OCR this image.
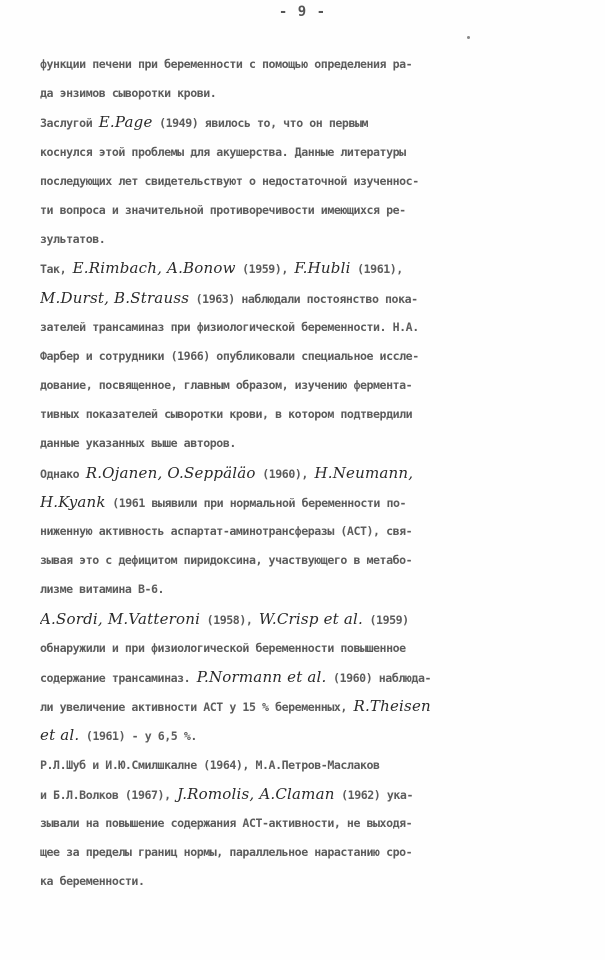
- 9 -
функции печени при беременности с помощью определения ра-
да энзимов сыворотки крови.
Заслугой E.Page (1949) явилось то, что он первым
коснулся этой проблемы для акушерства. Данные литературы
последующих лет свидетельствуют о недостаточной изученнос-
ти вопроса и значительной противоречивости имеющихся ре-
зультатов.
Так, E.Rimbach, A.Bonow (1959), F.Hubli (1961),
M.Durst, B.Strauss (1963) наблюдали постоянство пока-
зателей трансаминаз при физиологической беременности. Н.А.
Фарбер и сотрудники (1966) опубликовали специальное иссле-
дование, посвященное, главным образом, изучению фермента-
тивных показателей сыворотки крови, в котором подтвердили
данные указанных выше авторов.
Однако R.Ojanen, O.Seppäläo (1960), H.Neumann,
H.Kyank (1961 выявили при нормальной беременности по-
ниженную активность аспартат-аминотрансферазы (АСТ), свя-
зывая это с дефицитом пиридоксина, участвующего в метабо-
лизме витамина В-6.
A.Sordi, M.Vatteroni (1958), W.Crisp et al. (1959)
обнаружили и при физиологической беременности повышенное
содержание трансаминаз. P.Normann et al. (1960) наблюда-
ли увеличение активности АСТ у 15 % беременных, R.Theisen
et al. (1961) - у 6,5 %.
Р.Л.Шуб и И.Ю.Смилшкалне (1964), М.А.Петров-Маслаков
и Б.Л.Волков (1967), J.Romolis, A.Claman (1962) ука-
зывали на повышение содержания АСТ-активности, не выходя-
щее за пределы границ нормы, параллельное нарастанию сро-
ка беременности.
